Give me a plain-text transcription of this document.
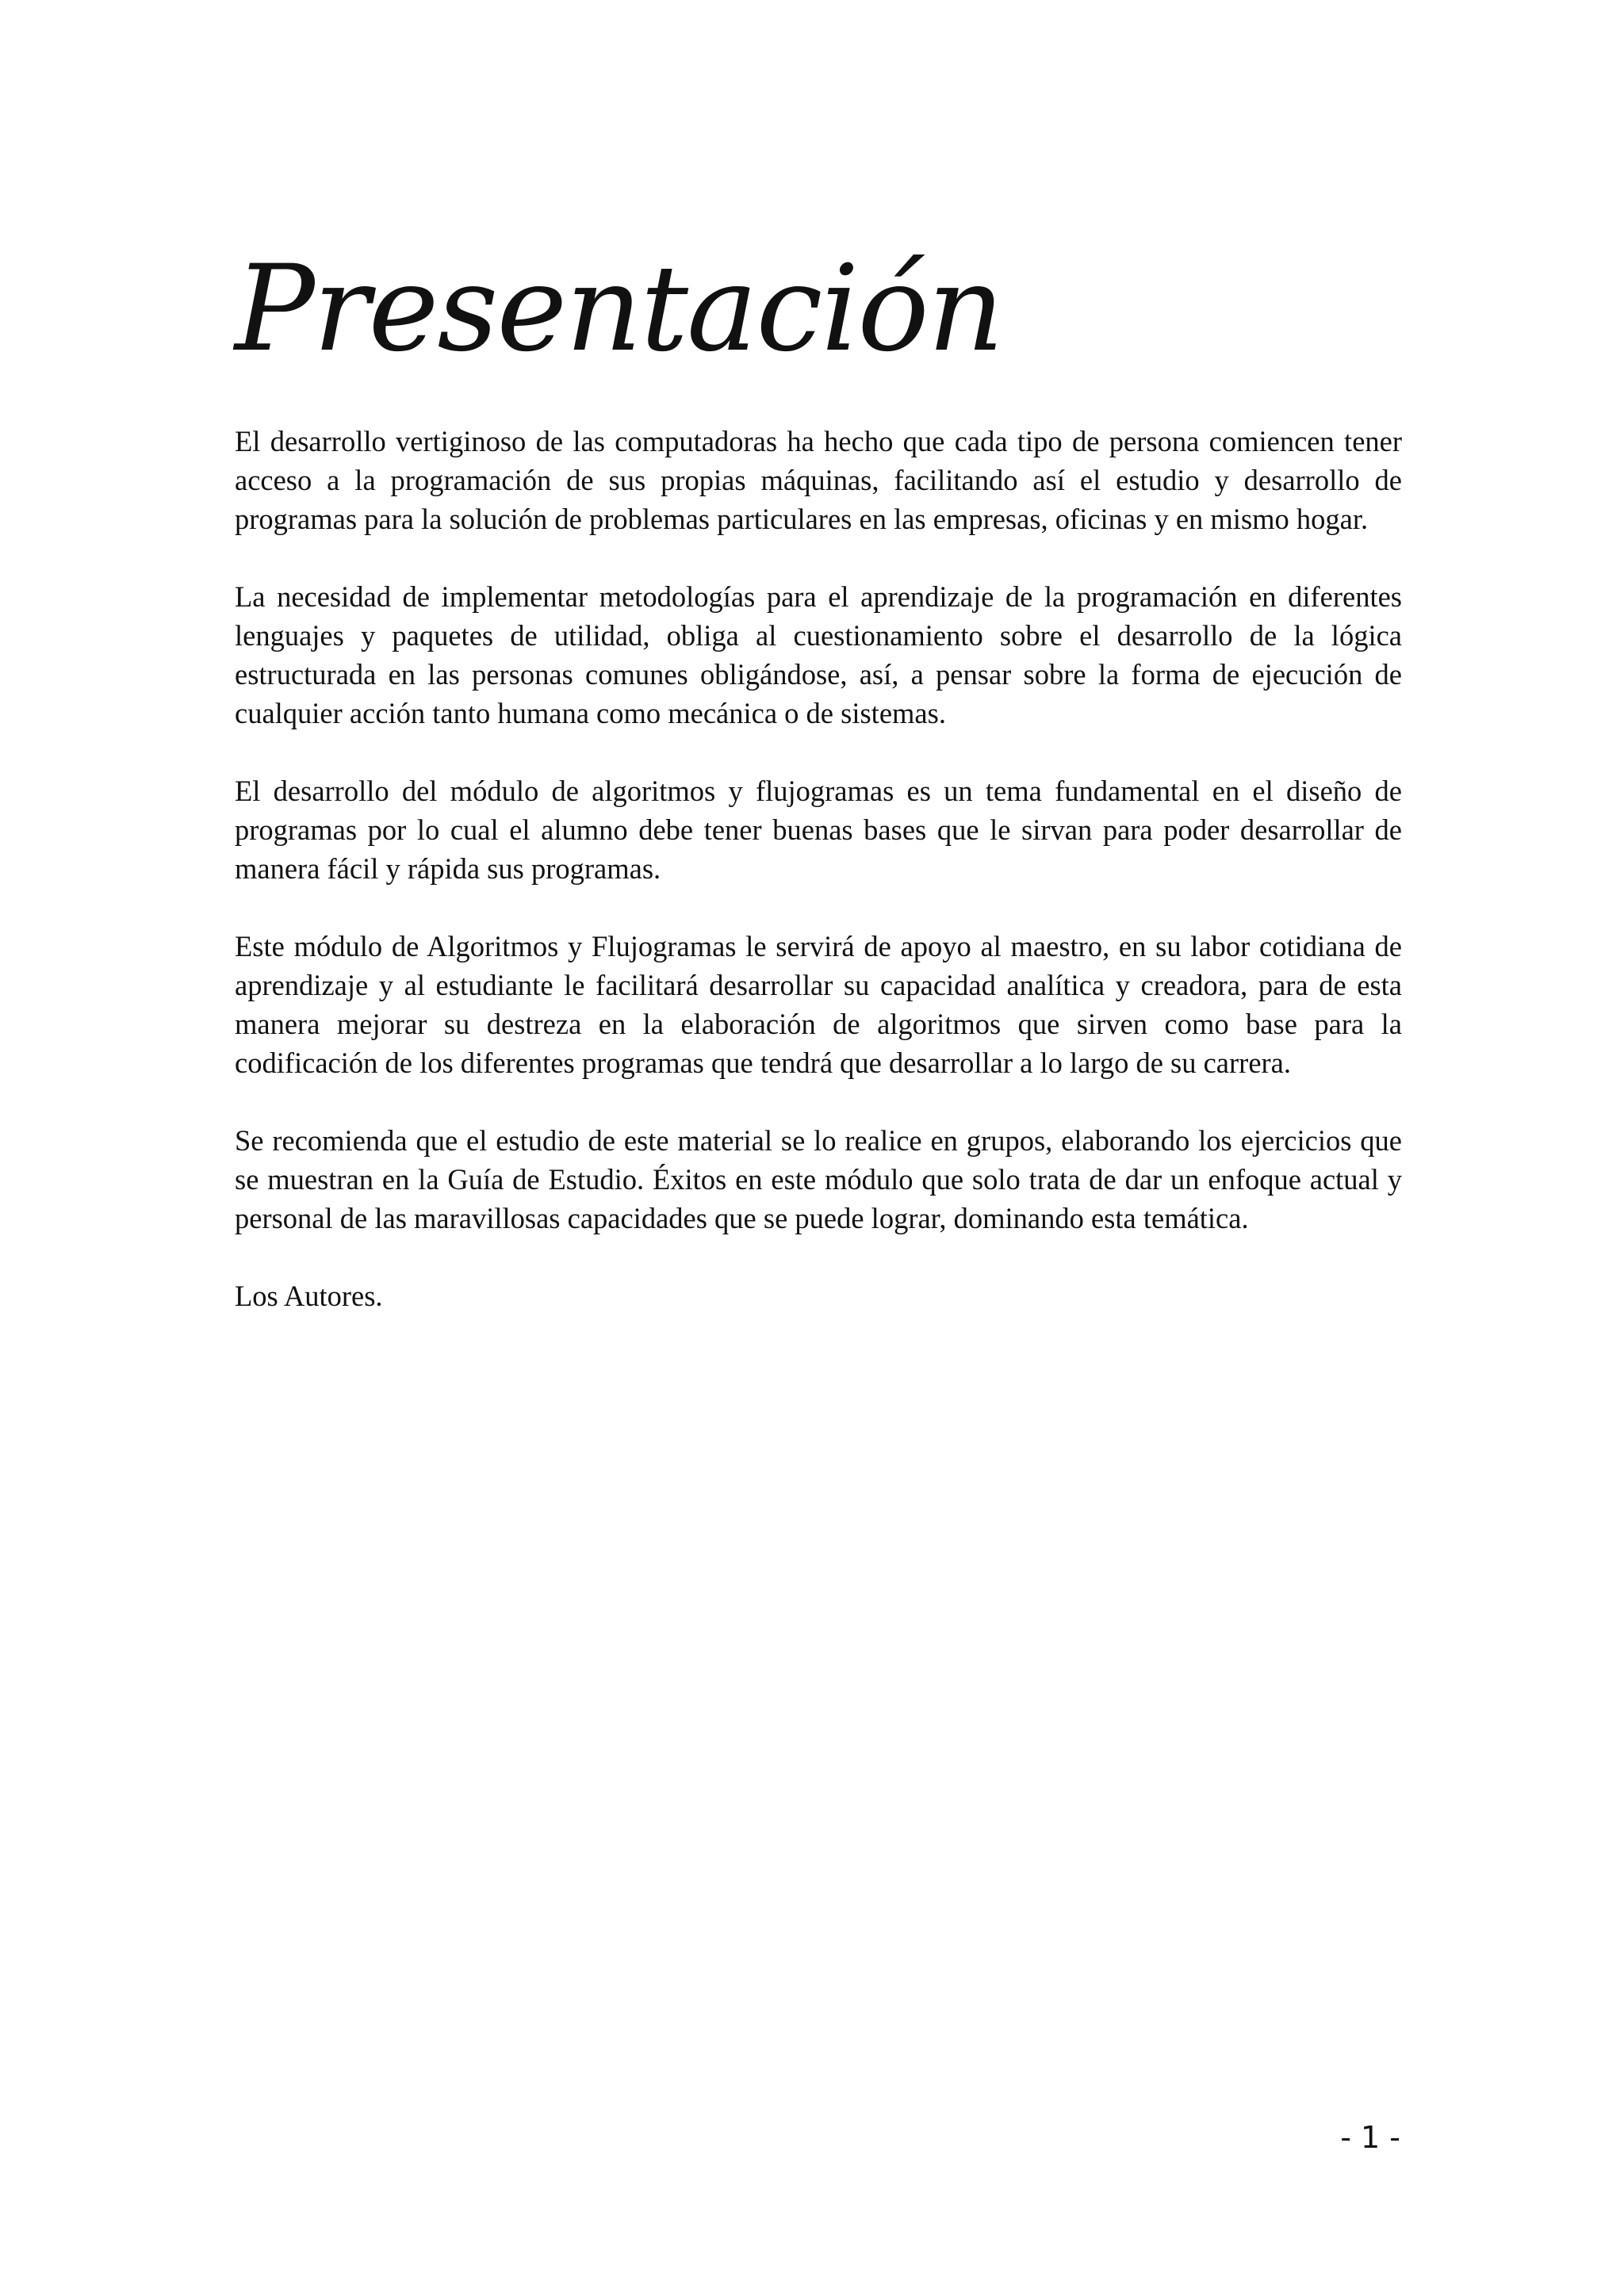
Presentación

El desarrollo vertiginoso de las computadoras ha hecho que cada tipo de persona comiencen tener acceso a la programación de sus propias máquinas, facilitando así el estudio y desarrollo de programas para la solución de problemas particulares en las empresas, oficinas y en mismo hogar.

La necesidad de implementar metodologías para el aprendizaje de la programación en diferentes lenguajes y paquetes de utilidad, obliga al cuestionamiento sobre el desarrollo de la lógica estructurada en las personas comunes obligándose, así, a pensar sobre la forma de ejecución de cualquier acción tanto humana como mecánica o de sistemas.

El desarrollo del módulo de algoritmos y flujogramas es un tema fundamental en el diseño de programas por lo cual el alumno debe tener buenas bases que le sirvan para poder desarrollar de manera fácil y rápida sus programas.

Este módulo de Algoritmos y Flujogramas le servirá de apoyo al maestro, en su labor cotidiana de aprendizaje y al estudiante le facilitará desarrollar su capacidad analítica y creadora, para de esta manera mejorar su destreza en la elaboración de algoritmos que sirven como base para la codificación de los diferentes programas que tendrá que desarrollar a lo largo de su carrera.

Se recomienda que el estudio de este material se lo realice en grupos, elaborando los ejercicios que se muestran en la Guía de Estudio. Éxitos en este módulo que solo trata de dar un enfoque actual y personal de las maravillosas capacidades que se puede lograr, dominando esta temática.

Los Autores.

- 1 -
